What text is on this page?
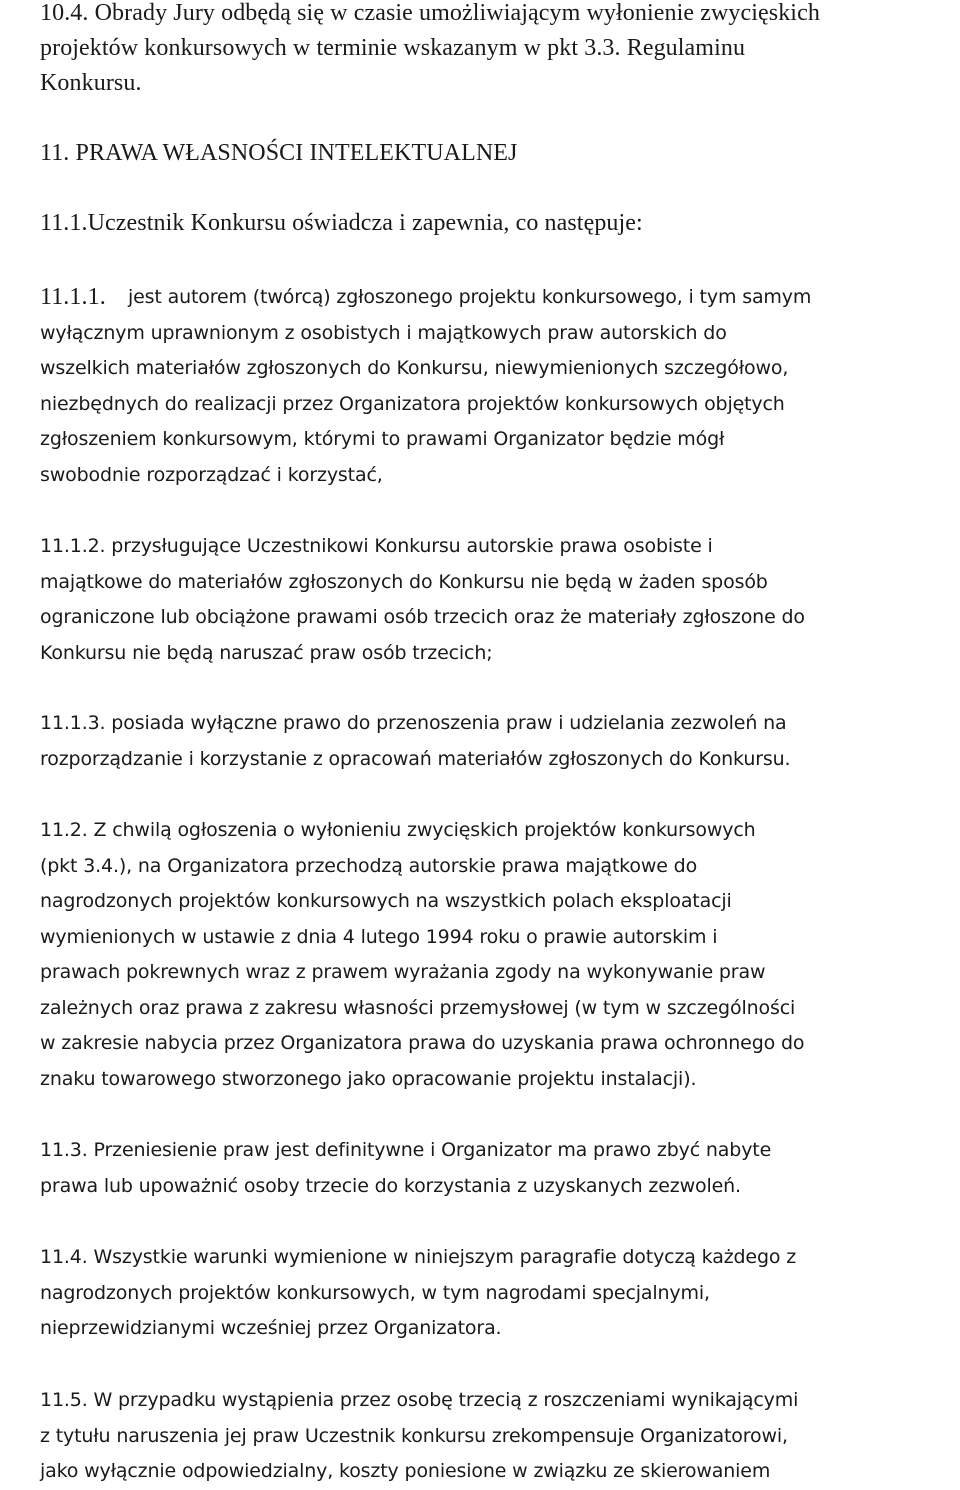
10.4. Obrady Jury odbędą się w czasie umożliwiającym wyłonienie zwycięskich
projektów konkursowych w terminie wskazanym w pkt 3.3. Regulaminu
Konkursu.

11. PRAWA WŁASNOŚCI INTELEKTUALNEJ

11.1.Uczestnik Konkursu oświadcza i zapewnia, co następuje:

11.1.1.	jest autorem (twórcą) zgłoszonego projektu konkursowego, i tym samym
wyłącznym uprawnionym z osobistych i majątkowych praw autorskich do
wszelkich materiałów zgłoszonych do Konkursu, niewymienionych szczegółowo,
niezbędnych do realizacji przez Organizatora projektów konkursowych objętych
zgłoszeniem konkursowym, którymi to prawami Organizator będzie mógł
swobodnie rozporządzać i korzystać,

11.1.2. przysługujące Uczestnikowi Konkursu autorskie prawa osobiste i
majątkowe do materiałów zgłoszonych do Konkursu nie będą w żaden sposób
ograniczone lub obciążone prawami osób trzecich oraz że materiały zgłoszone do
Konkursu nie będą naruszać praw osób trzecich;

11.1.3. posiada wyłączne prawo do przenoszenia praw i udzielania zezwoleń na
rozporządzanie i korzystanie z opracowań materiałów zgłoszonych do Konkursu.

11.2. Z chwilą ogłoszenia o wyłonieniu zwycięskich projektów konkursowych
(pkt 3.4.), na Organizatora przechodzą autorskie prawa majątkowe do
nagrodzonych projektów konkursowych na wszystkich polach eksploatacji
wymienionych w ustawie z dnia 4 lutego 1994 roku o prawie autorskim i
prawach pokrewnych wraz z prawem wyrażania zgody na wykonywanie praw
zależnych oraz prawa z zakresu własności przemysłowej (w tym w szczególności
w zakresie nabycia przez Organizatora prawa do uzyskania prawa ochronnego do
znaku towarowego stworzonego jako opracowanie projektu instalacji).

11.3. Przeniesienie praw jest definitywne i Organizator ma prawo zbyć nabyte
prawa lub upoważnić osoby trzecie do korzystania z uzyskanych zezwoleń.

11.4. Wszystkie warunki wymienione w niniejszym paragrafie dotyczą każdego z
nagrodzonych projektów konkursowych, w tym nagrodami specjalnymi,
nieprzewidzianymi wcześniej przez Organizatora.

11.5. W przypadku wystąpienia przez osobę trzecią z roszczeniami wynikającymi
z tytułu naruszenia jej praw Uczestnik konkursu zrekompensuje Organizatorowi,
jako wyłącznie odpowiedzialny, koszty poniesione w związku ze skierowaniem
